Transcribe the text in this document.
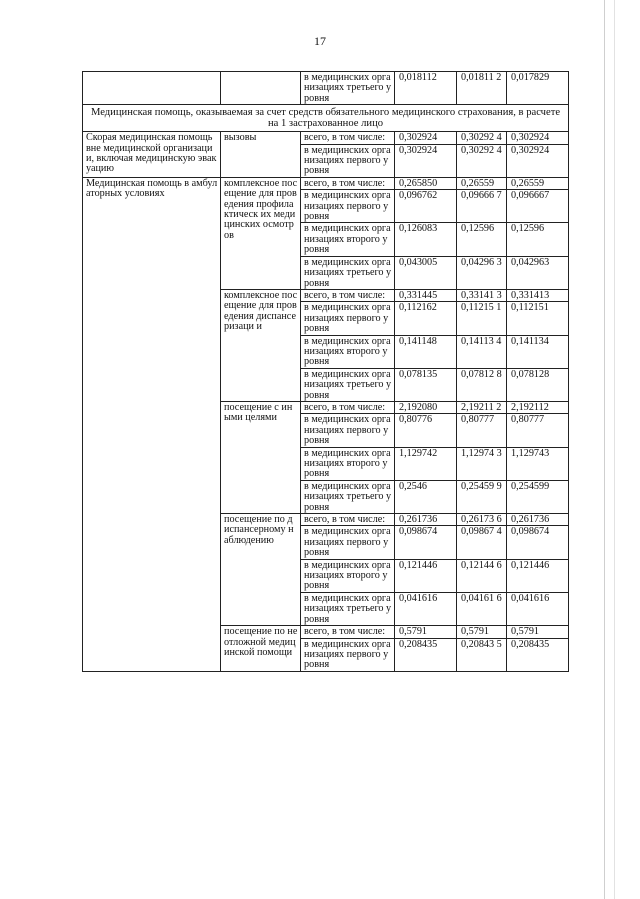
17
		в медицинских организациях третьего уровня	0,018112	0,01811 2	0,017829
Медицинская помощь, оказываемая за счет средств обязательного медицинского страхования, в расчете на 1 застрахованное лицо					
Скорая медицинская помощь вне медицинской организации, включая медицинскую эвакуацию	вызовы	всего, в том числе:	0,302924	0,30292 4	0,302924
		в медицинских организациях первого уровня	0,302924	0,30292 4	0,302924
Медицинская помощь в амбулаторных условиях	комплексное посещение для проведения профилактическ их медицинских осмотров	всего, в том числе:	0,265850	0,26559	0,26559
		в медицинских организациях первого уровня	0,096762	0,09666 7	0,096667
		в медицинских организациях второго уровня	0,126083	0,12596	0,12596
		в медицинских организациях третьего уровня	0,043005	0,04296 3	0,042963
	комплексное посещение для проведения диспансеризаци и	всего, в том числе:	0,331445	0,33141 3	0,331413
		в медицинских организациях первого уровня	0,112162	0,11215 1	0,112151
		в медицинских организациях второго уровня	0,141148	0,14113 4	0,141134
		в медицинских организациях третьего уровня	0,078135	0,07812 8	0,078128
	посещение с иными целями	всего, в том числе:	2,192080	2,19211 2	2,192112
		в медицинских организациях первого уровня	0,80776	0,80777	0,80777
		в медицинских организациях второго уровня	1,129742	1,12974 3	1,129743
		в медицинских организациях третьего уровня	0,2546	0,25459 9	0,254599
	посещение по диспансерному наблюдению	всего, в том числе:	0,261736	0,26173 6	0,261736
		в медицинских организациях первого уровня	0,098674	0,09867 4	0,098674
		в медицинских организациях второго уровня	0,121446	0,12144 6	0,121446
		в медицинских организациях третьего уровня	0,041616	0,04161 6	0,041616
	посещение по неотложной медицинской помощи	всего, в том числе:	0,5791	0,5791	0,5791
		в медицинских организациях первого уровня	0,208435	0,20843 5	0,208435
